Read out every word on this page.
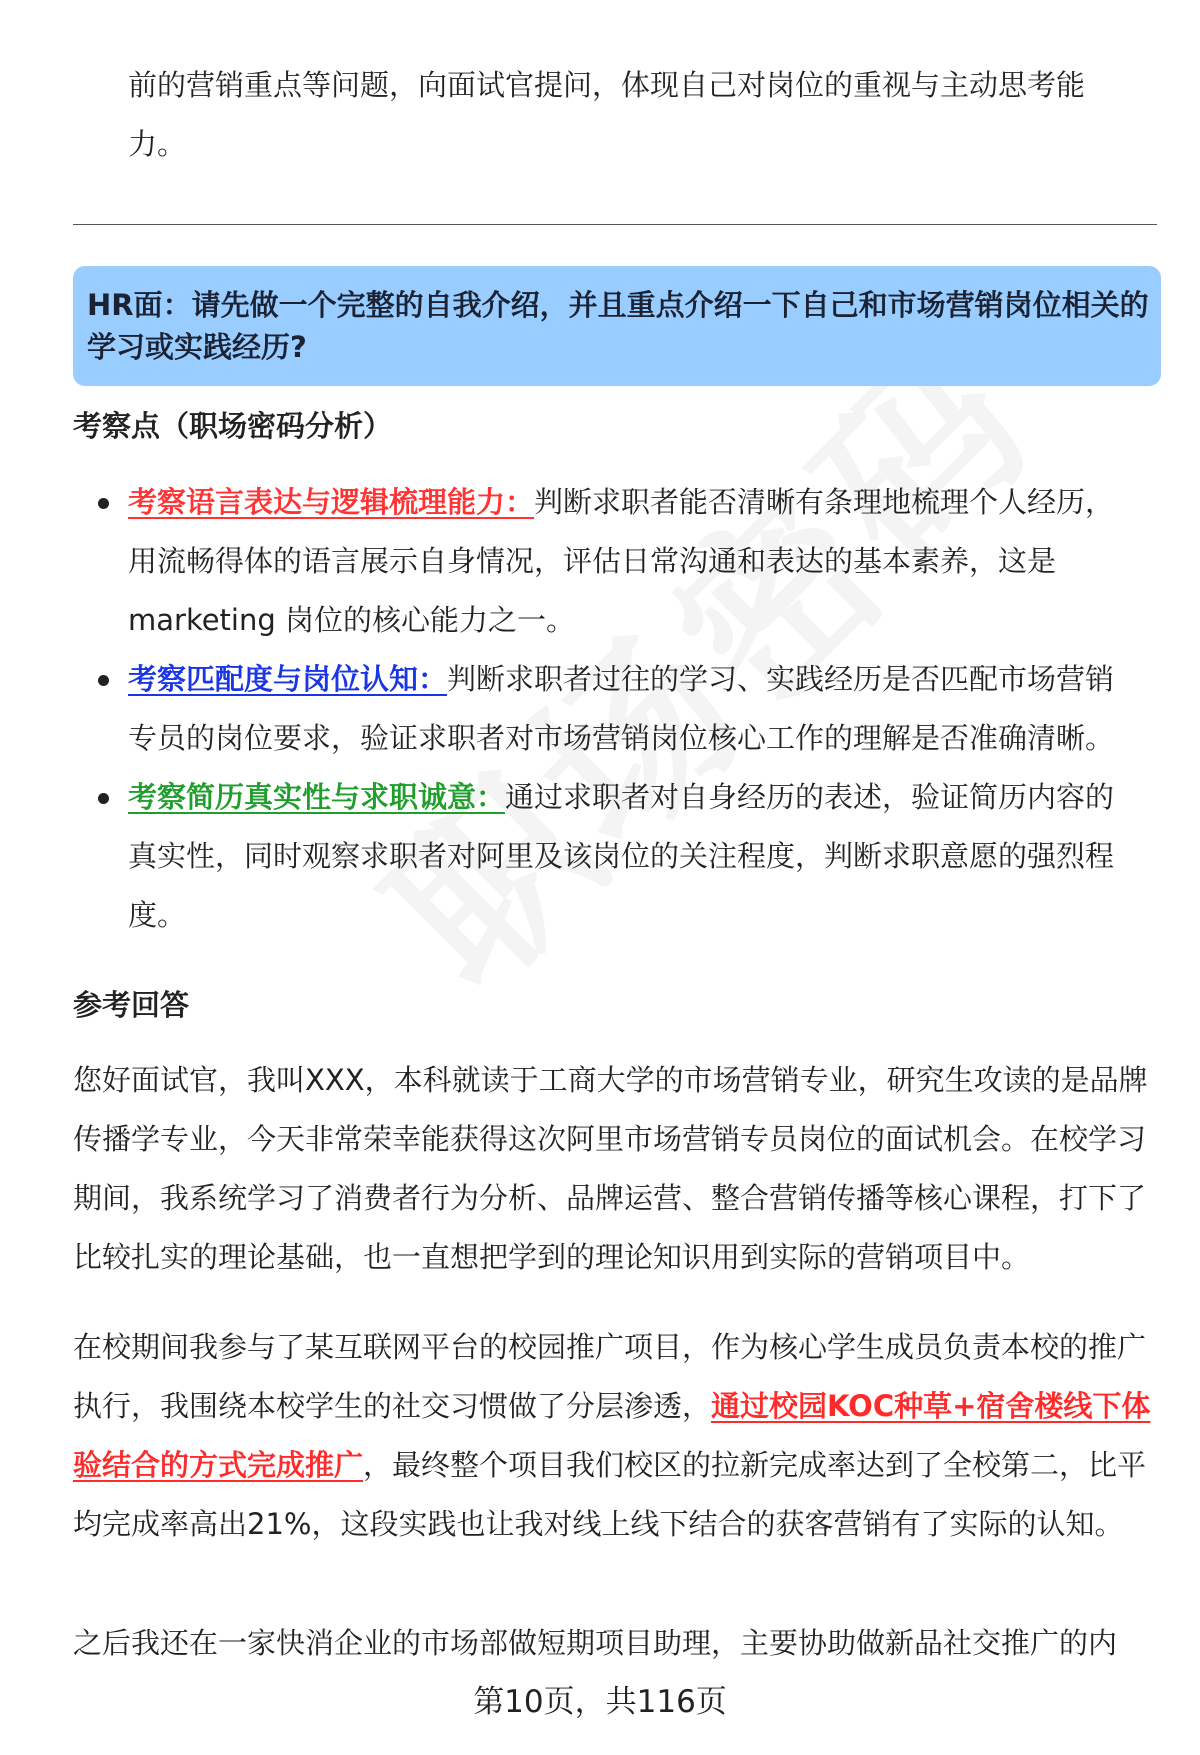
前的营销重点等问题，向面试官提问，体现自己对岗位的重视与主动思考能力。

HR面：请先做一个完整的自我介绍，并且重点介绍一下自己和市场营销岗位相关的学习或实践经历?
考察点（职场密码分析）
考察语言表达与逻辑梳理能力：判断求职者能否清晰有条理地梳理个人经历，用流畅得体的语言展示自身情况，评估日常沟通和表达的基本素养，这是 marketing 岗位的核心能力之一。
考察匹配度与岗位认知：判断求职者过往的学习、实践经历是否匹配市场营销专员的岗位要求，验证求职者对市场营销岗位核心工作的理解是否准确清晰。
考察简历真实性与求职诚意：通过求职者对自身经历的表述，验证简历内容的真实性，同时观察求职者对阿里及该岗位的关注程度，判断求职意愿的强烈程度。
参考回答

您好面试官，我叫XXX，本科就读于工商大学的市场营销专业，研究生攻读的是品牌传播学专业，今天非常荣幸能获得这次阿里市场营销专员岗位的面试机会。在校学习期间，我系统学习了消费者行为分析、品牌运营、整合营销传播等核心课程，打下了比较扎实的理论基础，也一直想把学到的理论知识用到实际的营销项目中。

在校期间我参与了某互联网平台的校园推广项目，作为核心学生成员负责本校的推广执行，我围绕本校学生的社交习惯做了分层渗透，通过校园KOC种草+宿舍楼线下体验结合的方式完成推广，最终整个项目我们校区的拉新完成率达到了全校第二，比平均完成率高出21%，这段实践也让我对线上线下结合的获客营销有了实际的认知。

之后我还在一家快消企业的市场部做短期项目助理，主要协助做新品社交推广的内

第10页，共116页
